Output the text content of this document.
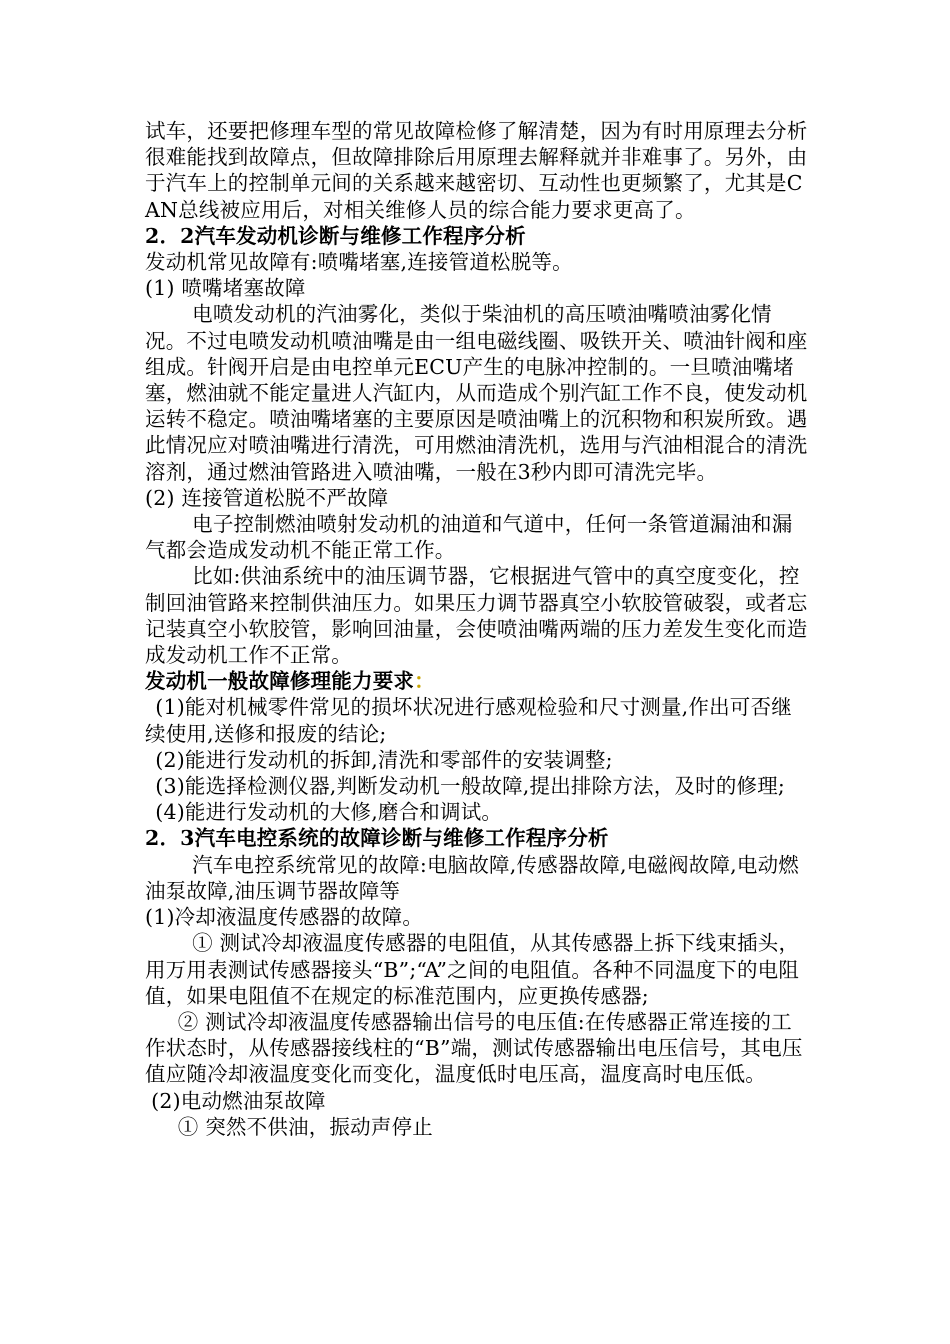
试车，还要把修理车型的常见故障检修了解清楚，因为有时用原理去分析很难能找到故障点，但故障排除后用原理去解释就并非难事了。另外，由于汽车上的控制单元间的关系越来越密切、互动性也更频繁了，尤其是CAN总线被应用后，对相关维修人员的综合能力要求更高了。

2．2汽车发动机诊断与维修工作程序分析

发动机常见故障有:喷嘴堵塞,连接管道松脱等。

(1) 喷嘴堵塞故障

电喷发动机的汽油雾化，类似于柴油机的高压喷油嘴喷油雾化情况。不过电喷发动机喷油嘴是由一组电磁线圈、吸铁开关、喷油针阀和座组成。针阀开启是由电控单元ECU产生的电脉冲控制的。一旦喷油嘴堵塞，燃油就不能定量进人汽缸内，从而造成个别汽缸工作不良，使发动机运转不稳定。喷油嘴堵塞的主要原因是喷油嘴上的沉积物和积炭所致。遇此情况应对喷油嘴进行清洗，可用燃油清洗机，选用与汽油相混合的清洗溶剂，通过燃油管路进入喷油嘴，一般在3秒内即可清洗完毕。

(2) 连接管道松脱不严故障

电子控制燃油喷射发动机的油道和气道中，任何一条管道漏油和漏气都会造成发动机不能正常工作。

比如:供油系统中的油压调节器，它根据进气管中的真空度变化，控制回油管路来控制供油压力。如果压力调节器真空小软胶管破裂，或者忘记装真空小软胶管，影响回油量，会使喷油嘴两端的压力差发生变化而造成发动机工作不正常。

发动机一般故障修理能力要求：

(1)能对机械零件常见的损坏状况进行感观检验和尺寸测量,作出可否继续使用,送修和报废的结论;

(2)能进行发动机的拆卸,清洗和零部件的安装调整;

(3)能选择检测仪器,判断发动机一般故障,提出排除方法，及时的修理;

(4)能进行发动机的大修,磨合和调试。

2．3汽车电控系统的故障诊断与维修工作程序分析

汽车电控系统常见的故障:电脑故障,传感器故障,电磁阀故障,电动燃油泵故障,油压调节器故障等

(1)冷却液温度传感器的故障。

① 测试冷却液温度传感器的电阻值，从其传感器上拆下线束插头，用万用表测试传感器接头“B”;“A”之间的电阻值。各种不同温度下的电阻值，如果电阻值不在规定的标准范围内，应更换传感器;

② 测试冷却液温度传感器输出信号的电压值:在传感器正常连接的工作状态时，从传感器接线柱的“B”端，测试传感器输出电压信号，其电压值应随冷却液温度变化而变化，温度低时电压高，温度高时电压低。

(2)电动燃油泵故障

① 突然不供油，振动声停止
